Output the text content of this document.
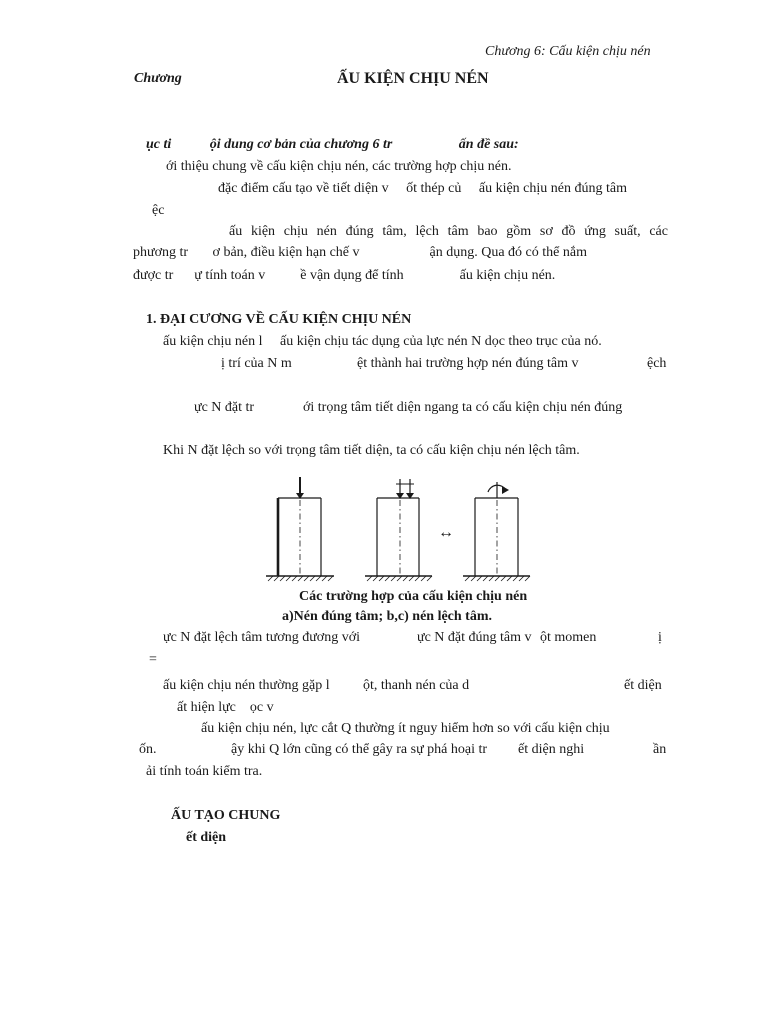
Chương 6: Cấu kiện chịu nén
Chương	ẤU KIỆN CHỊU NÉN
ục ti           ội dung cơ bản của chương 6 tr                   ấn đề sau:
ới thiệu chung về cấu kiện chịu nén, các trường hợp chịu nén.
đặc điểm cấu tạo về tiết diện v     ốt thép củ     ấu kiện chịu nén đúng tâm
ệc
ấu kiện chịu nén đúng tâm, lệch tâm bao gồm sơ đồ ứng suất, các
phương tr       ơ bản, điều kiện hạn chế v                    ận dụng. Qua đó có thể nắm
được tr      ự tính toán v          ề vận dụng để tính                ấu kiện chịu nén.
1. ĐẠI CƯƠNG VỀ CẤU KIỆN CHỊU NÉN
ấu kiện chịu nén l     ấu kiện chịu tác dụng của lực nén N dọc theo trục của nó.
ị trí của N m	ệt thành hai trường hợp nén đúng tâm v	ệch
ực N đặt tr	ới trọng tâm tiết diện ngang ta có cấu kiện chịu nén đúng
Khi N đặt lệch so với trọng tâm tiết diện, ta có cấu kiện chịu nén lệch tâm.
↔
Các trường hợp của cấu kiện chịu nén
a)Nén đúng tâm; b,c) nén lệch tâm.
ực N đặt lệch tâm tương đương với	ực N đặt đúng tâm v ột momen	ị
=
ấu kiện chịu nén thường gặp l ột, thanh nén của d	ết diện
ất hiện lực    ọc v
ấu kiện chịu nén, lực cắt Q thường ít nguy hiểm hơn so với cấu kiện chịu
ốn.	ậy khi Q lớn cũng có thể gây ra sự phá hoại tr ết diện nghi	ần
ải tính toán kiểm tra.
ẤU TẠO CHUNG
ết diện
